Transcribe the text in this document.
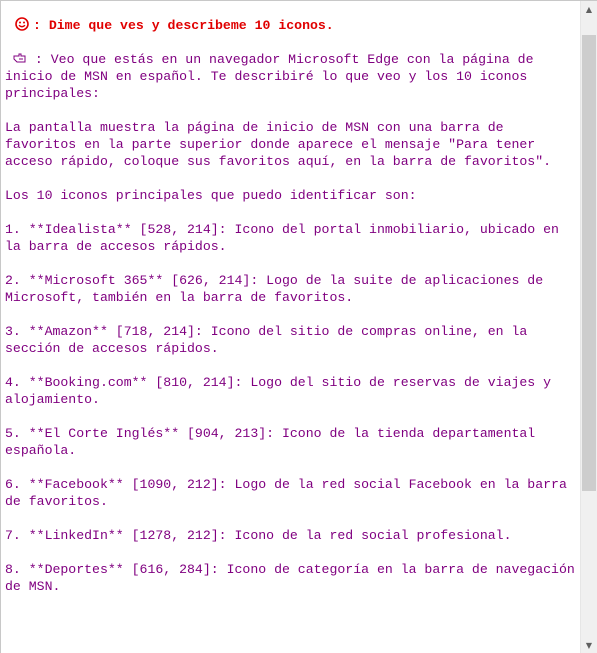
: Dime que ves y describeme 10 iconos.

: Veo que estás en un navegador Microsoft Edge con la página de inicio de MSN en español. Te describiré lo que veo y los 10 iconos principales:

La pantalla muestra la página de inicio de MSN con una barra de favoritos en la parte superior donde aparece el mensaje "Para tener acceso rápido, coloque sus favoritos aquí, en la barra de favoritos".

Los 10 iconos principales que puedo identificar son:

1. **Idealista** [528, 214]: Icono del portal inmobiliario, ubicado en la barra de accesos rápidos.

2. **Microsoft 365** [626, 214]: Logo de la suite de aplicaciones de Microsoft, también en la barra de favoritos.

3. **Amazon** [718, 214]: Icono del sitio de compras online, en la sección de accesos rápidos.

4. **Booking.com** [810, 214]: Logo del sitio de reservas de viajes y alojamiento.

5. **El Corte Inglés** [904, 213]: Icono de la tienda departamental española.

6. **Facebook** [1090, 212]: Logo de la red social Facebook en la barra de favoritos.

7. **LinkedIn** [1278, 212]: Icono de la red social profesional.

8. **Deportes** [616, 284]: Icono de categoría en la barra de navegación de MSN.

▲
▼
